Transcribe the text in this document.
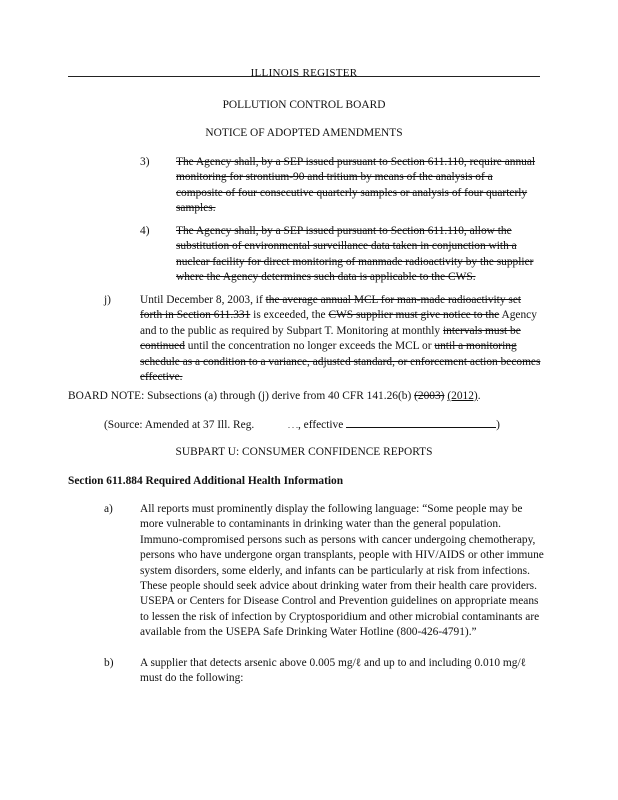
ILLINOIS REGISTER
POLLUTION CONTROL BOARD
NOTICE OF ADOPTED AMENDMENTS
3) The Agency shall, by a SEP issued pursuant to Section 611.110, require annual monitoring for strontium-90 and tritium by means of the analysis of a composite of four consecutive quarterly samples or analysis of four quarterly samples.
4) The Agency shall, by a SEP issued pursuant to Section 611.110, allow the substitution of environmental surveillance data taken in conjunction with a nuclear facility for direct monitoring of manmade radioactivity by the supplier where the Agency determines such data is applicable to the CWS.
j)	Until December 8, 2003, if the average annual MCL for man-made radioactivity set forth in Section 611.331 is exceeded, the CWS supplier must give notice to the Agency and to the public as required by Subpart T. Monitoring at monthly intervals must be continued until the concentration no longer exceeds the MCL or until a monitoring schedule as a condition to a variance, adjusted standard, or enforcement action becomes effective.
BOARD NOTE: Subsections (a) through (j) derive from 40 CFR 141.26(b) (2003) (2012).
(Source: Amended at 37 Ill. Reg.	. . ., effective	)
SUBPART U: CONSUMER CONFIDENCE REPORTS
Section 611.884 Required Additional Health Information
a) All reports must prominently display the following language: “Some people may be more vulnerable to contaminants in drinking water than the general population. Immuno-compromised persons such as persons with cancer undergoing chemotherapy, persons who have undergone organ transplants, people with HIV/AIDS or other immune system disorders, some elderly, and infants can be particularly at risk from infections. These people should seek advice about drinking water from their health care providers. USEPA or Centers for Disease Control and Prevention guidelines on appropriate means to lessen the risk of infection by Cryptosporidium and other microbial contaminants are available from the USEPA Safe Drinking Water Hotline (800-426-4791).”
b) A supplier that detects arsenic above 0.005 mg/ℓ and up to and including 0.010 mg/ℓ must do the following:
